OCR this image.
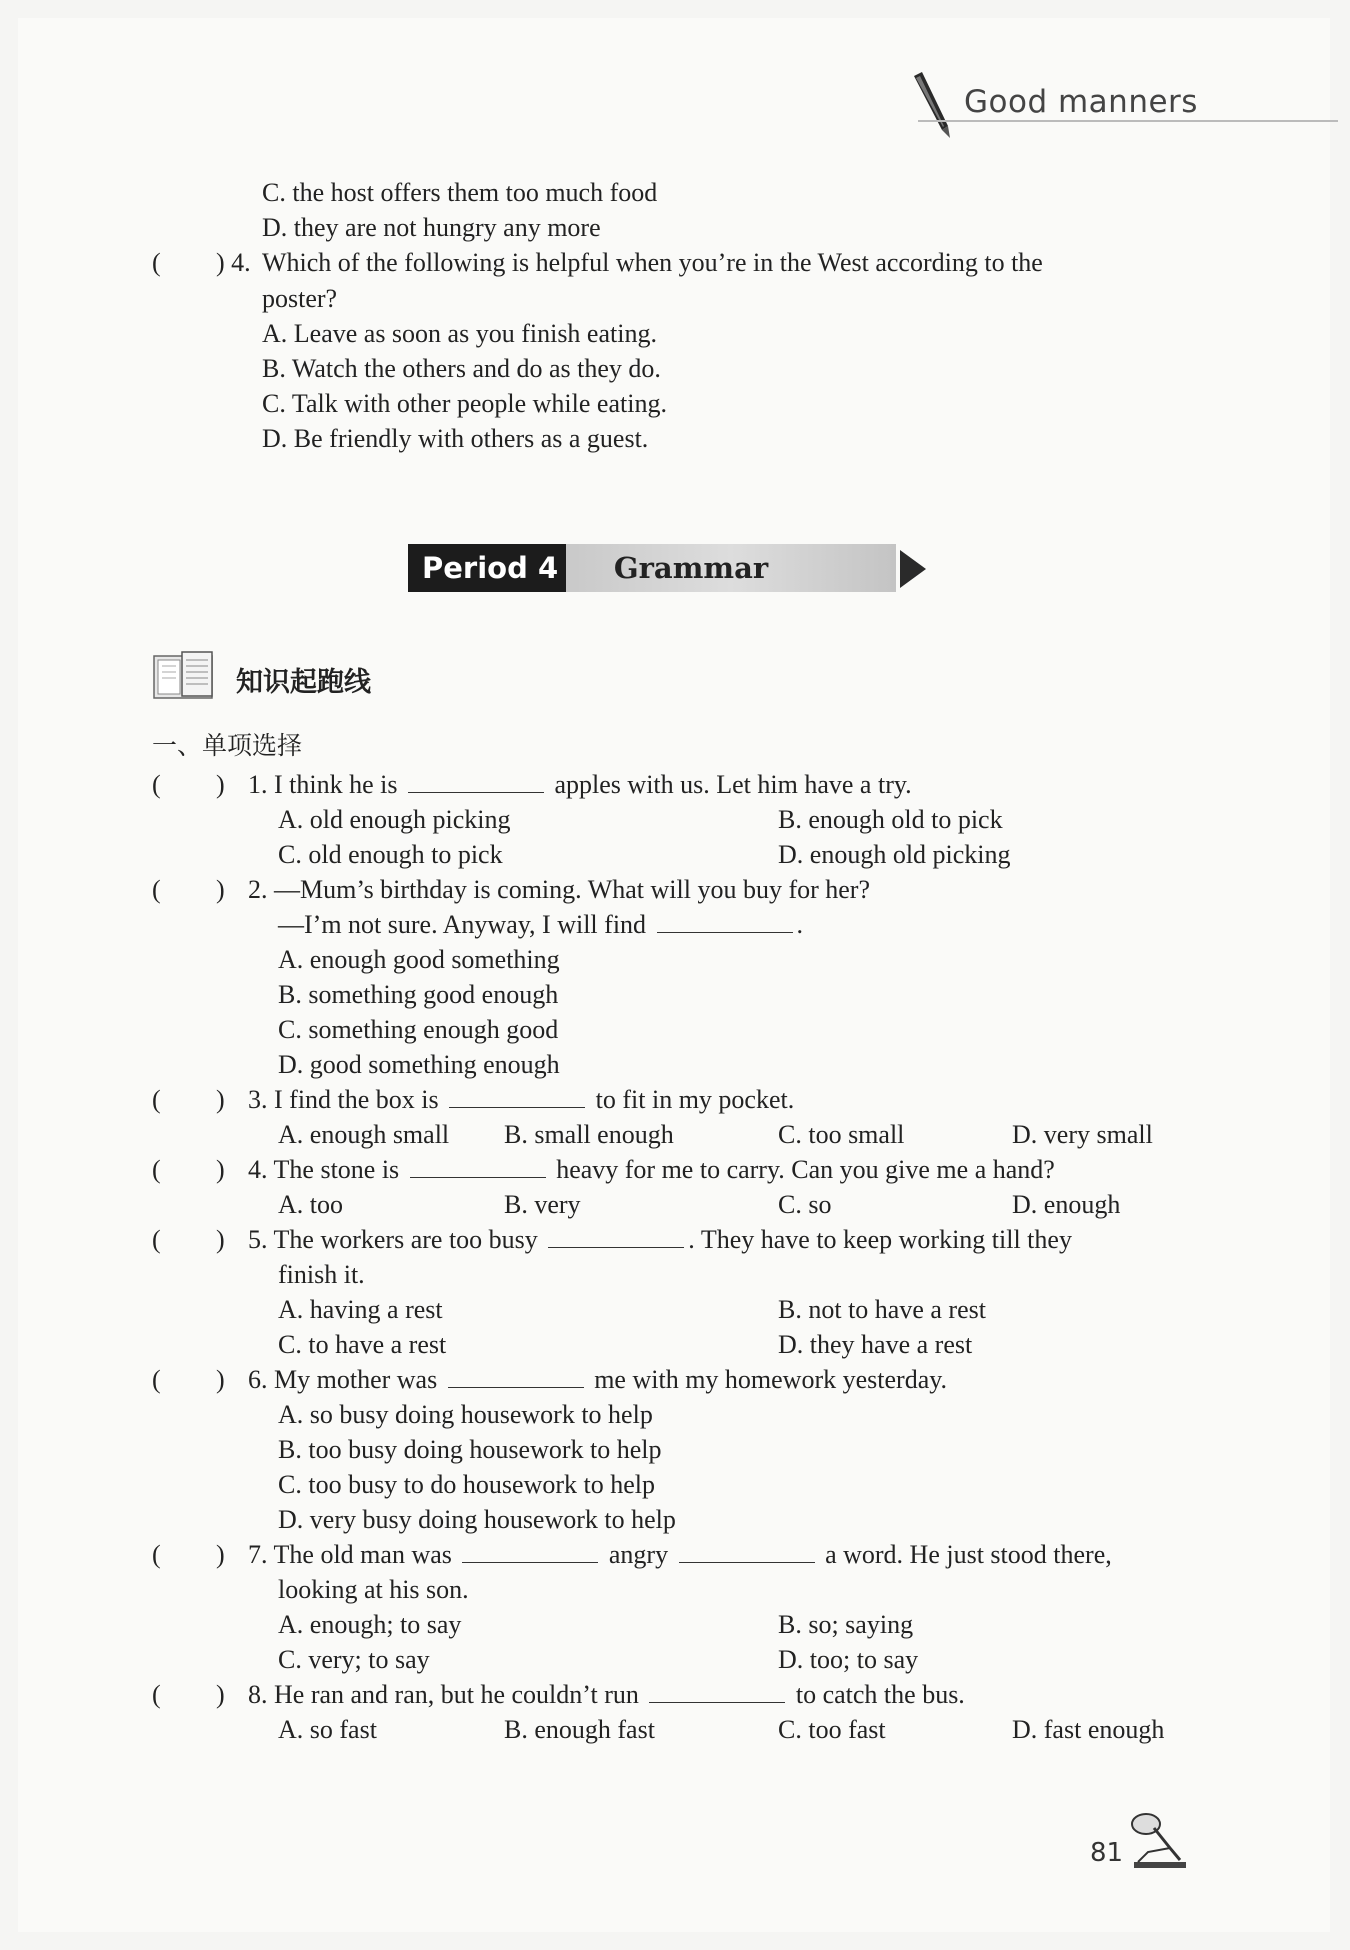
Good manners
C. the host offers them too much food
D. they are not hungry any more
( ) 4. Which of the following is helpful when you’re in the West according to the
poster?
A. Leave as soon as you finish eating.
B. Watch the others and do as they do.
C. Talk with other people while eating.
D. Be friendly with others as a guest.
Period 4	Grammar
知识起跑线
一、单项选择
( ) 1. I think he is	apples with us. Let him have a try.
A. old enough picking	B. enough old to pick
C. old enough to pick	D. enough old picking
( ) 2. —Mum’s birthday is coming. What will you buy for her?
—I’m not sure. Anyway, I will find	.
A. enough good something
B. something good enough
C. something enough good
D. good something enough
( ) 3. I find the box is	to fit in my pocket.
A. enough small B. small enough	C. too small	D. very small
( ) 4. The stone is	heavy for me to carry. Can you give me a hand?
A. too	B. very	C. so	D. enough
( ) 5. The workers are too busy	. They have to keep working till they
finish it.
A. having a rest	B. not to have a rest
C. to have a rest	D. they have a rest
( ) 6. My mother was	me with my homework yesterday.
A. so busy doing housework to help
B. too busy doing housework to help
C. too busy to do housework to help
D. very busy doing housework to help
( ) 7. The old man was	angry	a word. He just stood there,
looking at his son.
A. enough; to say	B. so; saying
C. very; to say	D. too; to say
( ) 8. He ran and ran, but he couldn’t run	to catch the bus.
A. so fast	B. enough fast	C. too fast	D. fast enough
81
